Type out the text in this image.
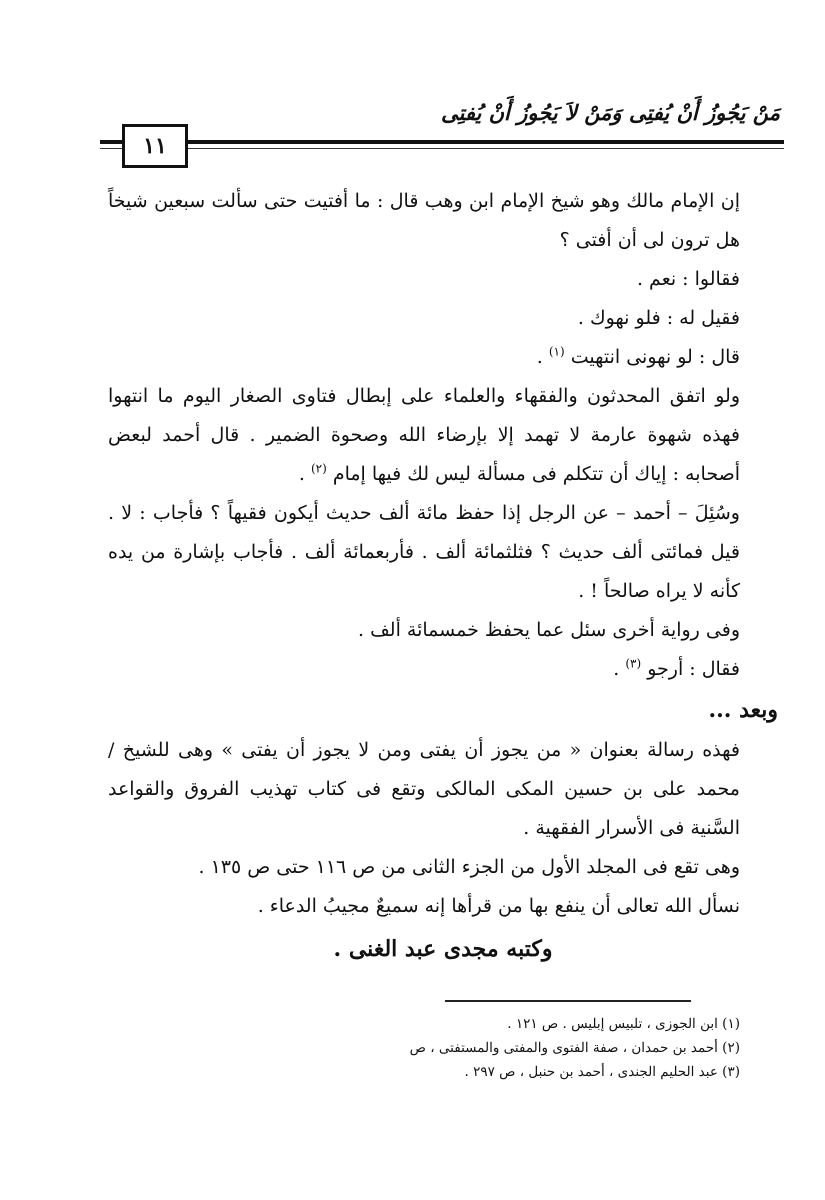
مَنْ يَجُوزُ أَنْ يُفتِى وَمَنْ لاَ يَجُوزُ أَنْ يُفتِى
١١

إن الإمام مالك وهو شيخ الإمام ابن وهب قال : ما أفتيت حتى سألت سبعين شيخاً هل ترون لى أن أفتى ؟

فقالوا : نعم .

فقيل له : فلو نهوك .

قال : لو نهونى انتهيت $^{(١)}$ .

ولو اتفق المحدثون والفقهاء والعلماء على إبطال فتاوى الصغار اليوم ما انتهوا فهذه شهوة عارمة لا تهمد إلا بإرضاء الله وصحوة الضمير . قال أحمد لبعض أصحابه : إياك أن تتكلم فى مسألة ليس لك فيها إمام $^{(٢)}$ .

وسُئِلَ – أحمد – عن الرجل إذا حفظ مائة ألف حديث أيكون فقيهاً ؟ فأجاب : لا . قيل فمائتى ألف حديث ؟ فثلثمائة ألف . فأربعمائة ألف . فأجاب بإشارة من يده كأنه لا يراه صالحاً ! .

وفى رواية أخرى سئل عما يحفظ خمسمائة ألف .

فقال : أرجو $^{(٣)}$ .

وبعد ...

فهذه رسالة بعنوان « من يجوز أن يفتى ومن لا يجوز أن يفتى » وهى للشيخ / محمد على بن حسين المكى المالكى وتقع فى كتاب تهذيب الفروق والقواعد السَّنية فى الأسرار الفقهية .

وهى تقع فى المجلد الأول من الجزء الثانى من ص ١١٦ حتى ص ١٣٥ .

نسأل الله تعالى أن ينفع بها من قرأها إنه سميعٌ مجيبُ الدعاء .

وكتبه مجدى عبد الغنى .
(١) ابن الجوزى ، تلبيس إبليس . ص ١٢١ .
(٢) أحمد بن حمدان ، صفة الفتوى والمفتى والمستفتى ، ص
(٣) عبد الحليم الجندى ، أحمد بن حنبل ، ص ٢٩٧ .
